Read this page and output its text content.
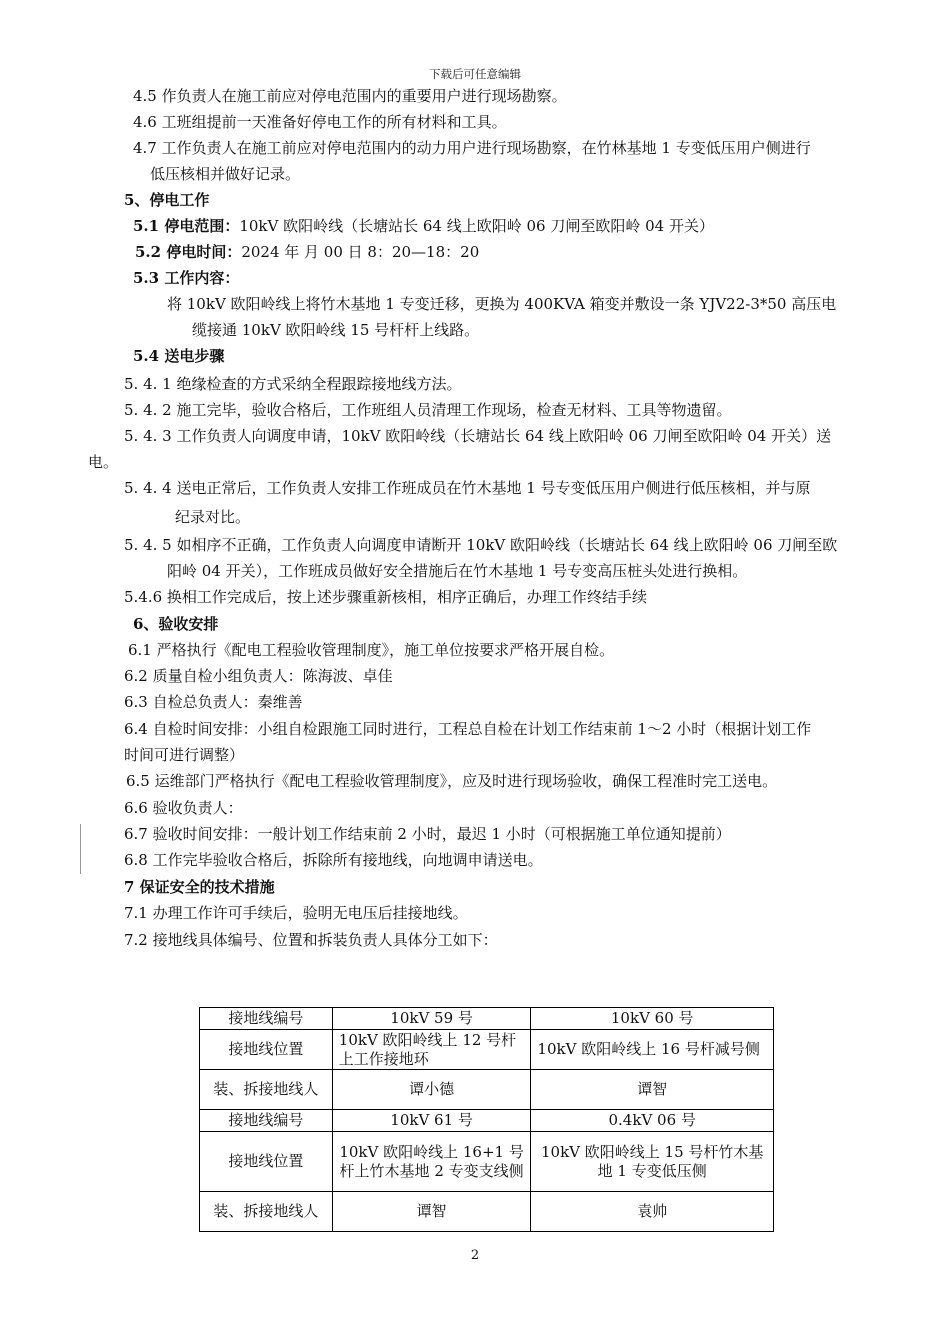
下载后可任意编辑
4.5 作负责人在施工前应对停电范围内的重要用户进行现场勘察。
4.6 工班组提前一天准备好停电工作的所有材料和工具。
4.7 工作负责人在施工前应对停电范围内的动力用户进行现场勘察，在竹林基地 1 专变低压用户侧进行
低压核相并做好记录。
5、停电工作
5.1 停电范围：10kV 欧阳岭线（长塘站长 64 线上欧阳岭 06 刀闸至欧阳岭 04 开关）
5.2 停电时间：2024 年 月 00 日 8：20—18：20
5.3 工作内容：
将 10kV 欧阳岭线上将竹木基地 1 专变迁移，更换为 400KVA 箱变并敷设一条 YJV22-3*50 高压电
缆接通 10kV 欧阳岭线 15 号杆杆上线路。
5.4 送电步骤
5. 4. 1 绝缘检查的方式采纳全程跟踪接地线方法。
5. 4. 2 施工完毕，验收合格后，工作班组人员清理工作现场，检查无材料、工具等物遗留。
5. 4. 3 工作负责人向调度申请，10kV 欧阳岭线（长塘站长 64 线上欧阳岭 06 刀闸至欧阳岭 04 开关）送
电。
5. 4. 4 送电正常后，工作负责人安排工作班成员在竹木基地 1 号专变低压用户侧进行低压核相，并与原
纪录对比。
5. 4. 5 如相序不正确，工作负责人向调度申请断开 10kV 欧阳岭线（长塘站长 64 线上欧阳岭 06 刀闸至欧
阳岭 04 开关），工作班成员做好安全措施后在竹木基地 1 号专变高压桩头处进行换相。
5.4.6 换相工作完成后，按上述步骤重新核相，相序正确后，办理工作终结手续
6、验收安排
6.1 严格执行《配电工程验收管理制度》，施工单位按要求严格开展自检。
6.2 质量自检小组负责人：陈海波、卓佳
6.3 自检总负责人：秦维善
6.4 自检时间安排：小组自检跟施工同时进行，工程总自检在计划工作结束前 1～2 小时（根据计划工作
时间可进行调整）
6.5 运维部门严格执行《配电工程验收管理制度》，应及时进行现场验收，确保工程准时完工送电。
6.6 验收负责人：
6.7 验收时间安排：一般计划工作结束前 2 小时，最迟 1 小时（可根据施工单位通知提前）
6.8 工作完毕验收合格后，拆除所有接地线，向地调申请送电。
7 保证安全的技术措施
7.1 办理工作许可手续后，验明无电压后挂接地线。
7.2 接地线具体编号、位置和拆装负责人具体分工如下：
接地线编号	10kV 59 号	10kV 60 号
接地线位置	10kV 欧阳岭线上 12 号杆上工作接地环	10kV 欧阳岭线上 16 号杆减号侧
装、拆接地线人	谭小德	谭智
接地线编号	10kV 61 号	0.4kV 06 号
接地线位置	10kV 欧阳岭线上 16+1 号杆上竹木基地 2 专变支线侧	10kV 欧阳岭线上 15 号杆竹木基地 1 专变低压侧
装、拆接地线人	谭智	袁帅
2
